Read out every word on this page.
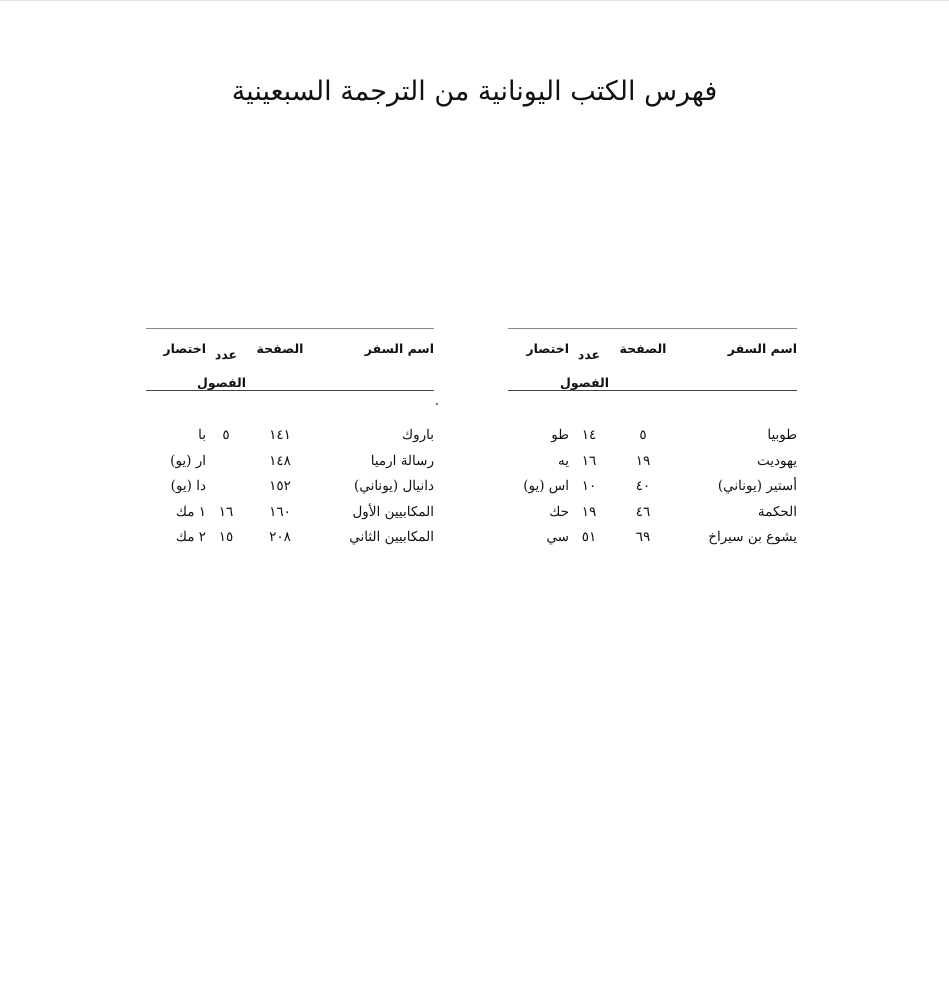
فهرس الكتب اليونانية من الترجمة السبعينية
اسم السفر
الصفحة
عدد
الفصول
اختصار
طوبيا
٥
١٤
طو
يهوديت
١٩
١٦
يه
أستير (يوناني)
٤٠
١٠
اس (يو)
الحكمة
٤٦
١٩
حك
يشوع بن سيراخ
٦٩
٥١
سي
اسم السفر
الصفحة
عدد
الفصول
اختصار
باروك
١٤١
٥
با
رسالة ارميا
١٤٨
ار (يو)
دانيال (يوناني)
١٥٢
دا (يو)
المكابيين الأول
١٦٠
١٦
١ مك
المكابيين الثاني
٢٠٨
١٥
٢ مك
